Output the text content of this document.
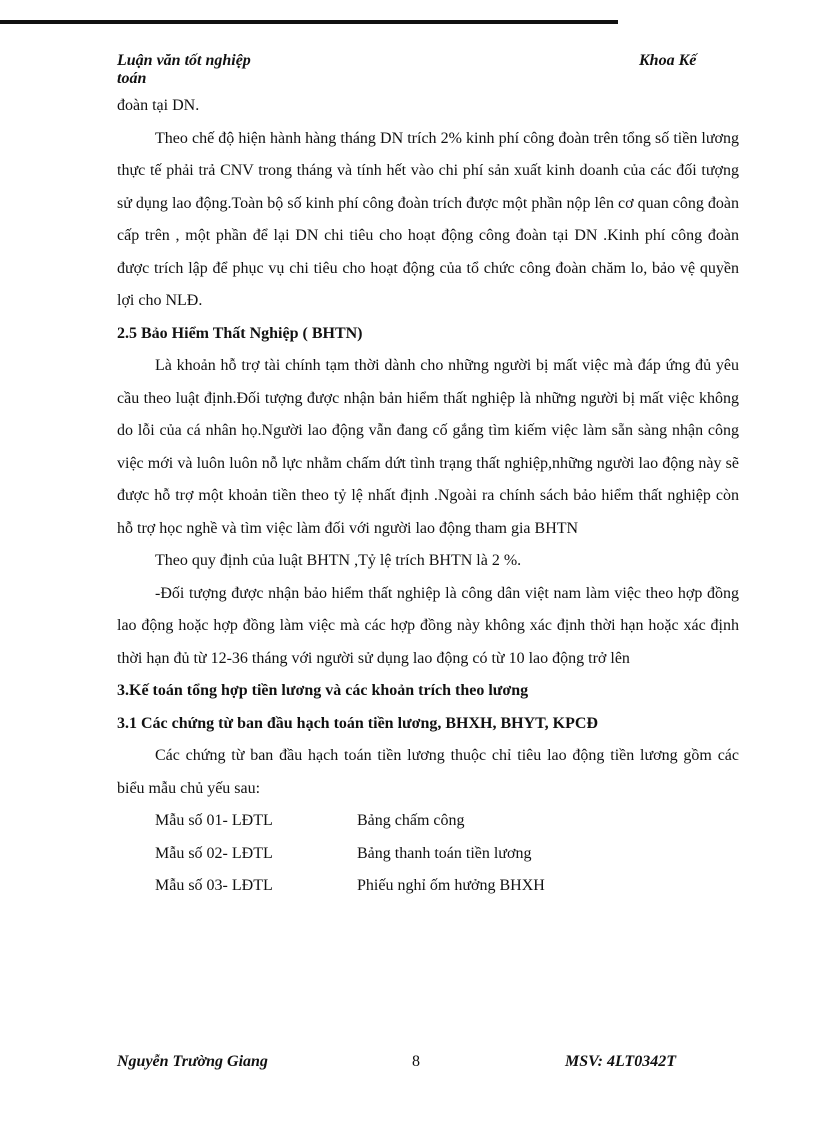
Luận văn tốt nghiệp	Khoa Kế
toán

đoàn tại DN.

Theo chế độ hiện hành hàng tháng DN trích 2% kinh phí công đoàn trên tổng số tiền lương thực tế phải trả CNV trong tháng và tính hết vào chi phí sản xuất kinh doanh của các đối tượng sử dụng lao động.Toàn bộ số kinh phí công đoàn trích được một phần nộp lên cơ quan công đoàn cấp trên , một phần để lại DN chi tiêu cho hoạt động công đoàn tại DN .Kinh phí công đoàn được trích lập để phục vụ chi tiêu cho hoạt động của tổ chức công đoàn chăm lo, bảo vệ quyền lợi cho NLĐ.

2.5 Bảo Hiểm Thất Nghiệp ( BHTN)

Là khoản hỗ trợ tài chính tạm thời dành cho những người bị mất việc mà đáp ứng đủ yêu cầu theo luật định.Đối tượng được nhận bản hiểm thất nghiệp là những người bị mất việc không do lỗi của cá nhân họ.Người lao động vẫn đang cố gắng tìm kiếm việc làm sẵn sàng nhận công việc mới và luôn luôn nỗ lực nhằm chấm dứt tình trạng thất nghiệp,những người lao động này sẽ được hỗ trợ một khoản tiền theo tỷ lệ nhất định .Ngoài ra chính sách bảo hiểm thất nghiệp còn hỗ trợ học nghề và tìm việc làm đối với người lao động tham gia BHTN

Theo quy định của luật BHTN ,Tỷ lệ trích BHTN là 2 %.

-Đối tượng được nhận bảo hiểm thất nghiệp là công dân việt nam làm việc theo hợp đồng lao động hoặc hợp đồng làm việc mà các hợp đồng này không xác định thời hạn hoặc xác định thời hạn đủ từ 12-36 tháng với người sử dụng lao động có từ 10 lao động trở lên

3.Kế toán tổng hợp tiền lương và các khoản trích theo lương

3.1 Các chứng từ ban đầu hạch toán tiền lương, BHXH, BHYT, KPCĐ

Các chứng từ ban đầu hạch toán tiền lương thuộc chỉ tiêu lao động tiền lương gồm các biểu mẫu chủ yếu sau:

Mẫu số 01- LĐTL	Bảng chấm công
Mẫu số 02- LĐTL	Bảng thanh toán tiền lương
Mẫu số 03- LĐTL	Phiếu nghỉ ốm hưởng BHXH
Nguyễn Trường Giang	8	MSV: 4LT0342T
